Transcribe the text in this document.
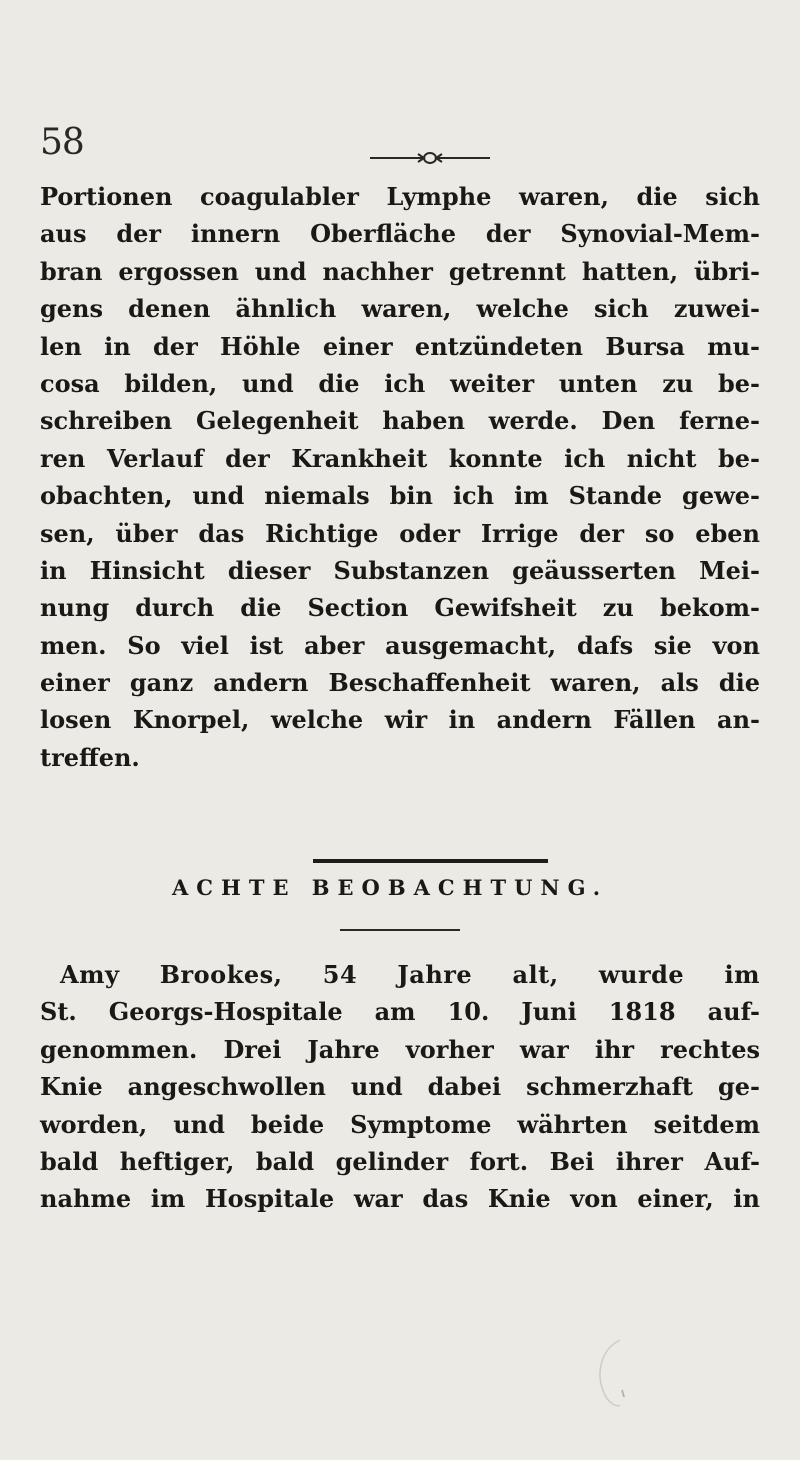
58
Portionen coagulabler Lymphe waren, die sich
aus der innern Oberfläche der Synovial-Mem-
bran ergossen und nachher getrennt hatten, übri-
gens denen ähnlich waren, welche sich zuwei-
len in der Höhle einer entzündeten Bursa mu-
cosa bilden, und die ich weiter unten zu be-
schreiben Gelegenheit haben werde. Den ferne-
ren Verlauf der Krankheit konnte ich nicht be-
obachten, und niemals bin ich im Stande gewe-
sen, über das Richtige oder Irrige der so eben
in Hinsicht dieser Substanzen geäusserten Mei-
nung durch die Section Gewifsheit zu bekom-
men. So viel ist aber ausgemacht, dafs sie von
einer ganz andern Beschaffenheit waren, als die
losen Knorpel, welche wir in andern Fällen an-
treffen.
ACHTE BEOBACHTUNG.
Amy Brookes, 54 Jahre alt, wurde im
St. Georgs-Hospitale am 10. Juni 1818 auf-
genommen. Drei Jahre vorher war ihr rechtes
Knie angeschwollen und dabei schmerzhaft ge-
worden, und beide Symptome währten seitdem
bald heftiger, bald gelinder fort. Bei ihrer Auf-
nahme im Hospitale war das Knie von einer, in
